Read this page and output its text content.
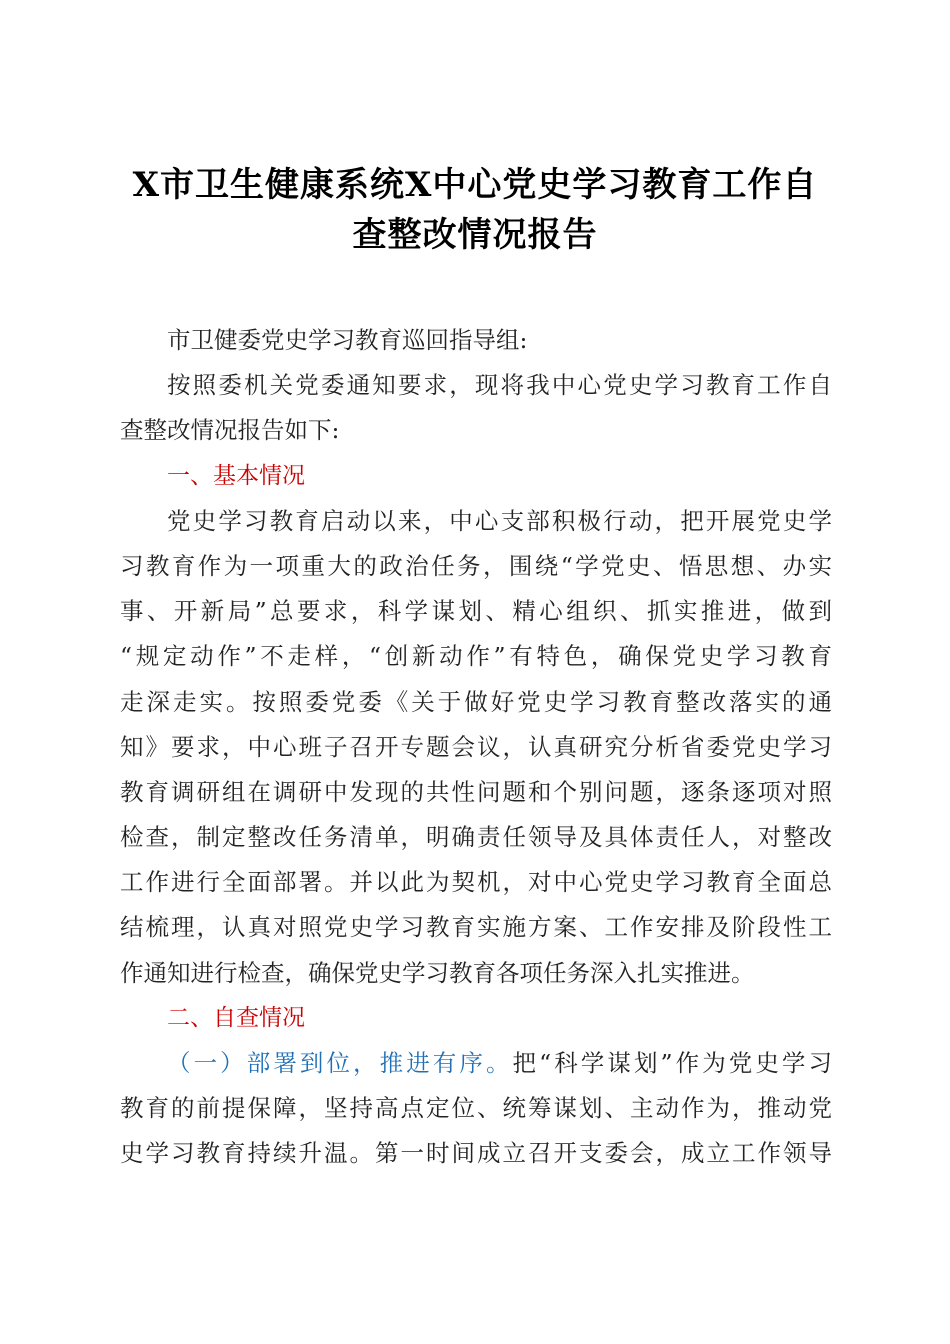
X市卫生健康系统X中心党史学习教育工作自
查整改情况报告
市卫健委党史学习教育巡回指导组:
按照委机关党委通知要求，现将我中心党史学习教育工作自
查整改情况报告如下:
一、基本情况
党史学习教育启动以来，中心支部积极行动，把开展党史学
习教育作为一项重大的政治任务，围绕“学党史、悟思想、办实
事、开新局”总要求，科学谋划、精心组织、抓实推进，做到
“规定动作”不走样，“创新动作”有特色，确保党史学习教育
走深走实。按照委党委《关于做好党史学习教育整改落实的通
知》要求，中心班子召开专题会议，认真研究分析省委党史学习
教育调研组在调研中发现的共性问题和个别问题，逐条逐项对照
检查，制定整改任务清单，明确责任领导及具体责任人，对整改
工作进行全面部署。并以此为契机，对中心党史学习教育全面总
结梳理，认真对照党史学习教育实施方案、工作安排及阶段性工
作通知进行检查，确保党史学习教育各项任务深入扎实推进。
二、自查情况
（一）部署到位，推进有序。把“科学谋划”作为党史学习
教育的前提保障，坚持高点定位、统筹谋划、主动作为，推动党
史学习教育持续升温。第一时间成立召开支委会，成立工作领导
